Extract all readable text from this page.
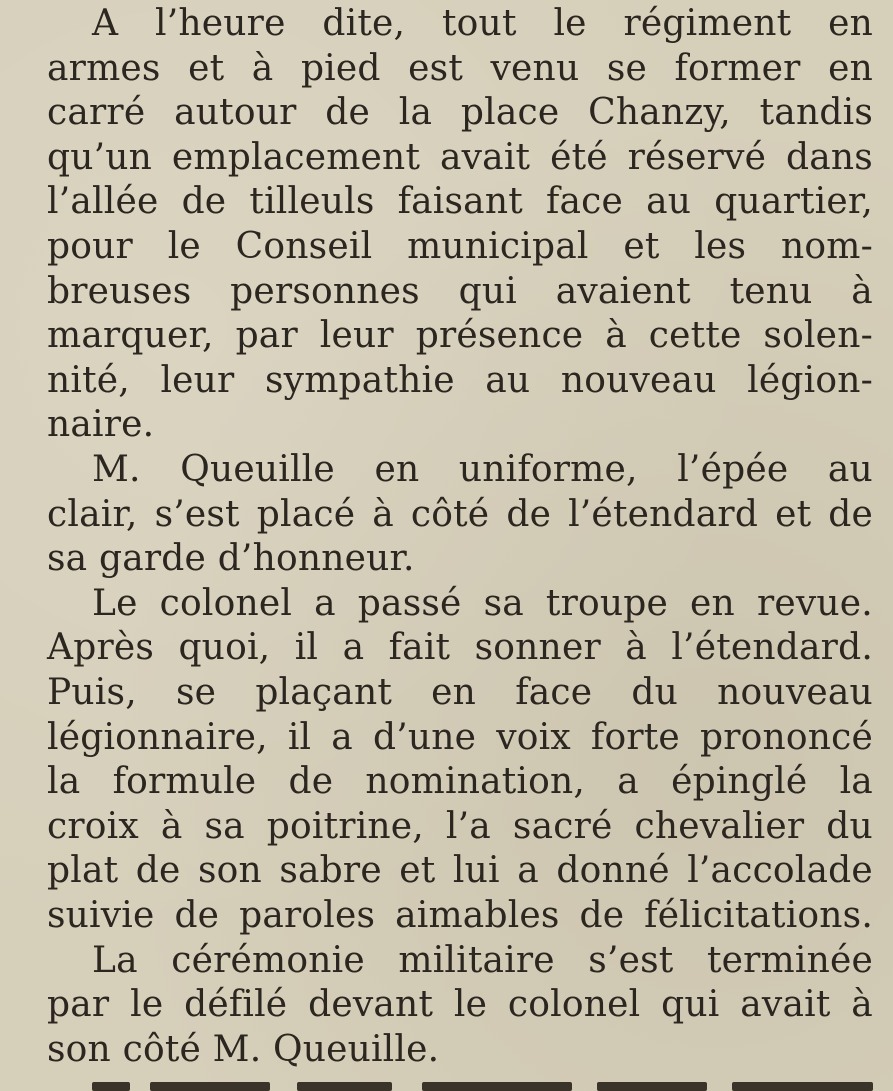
A l’heure dite, tout le régiment en
armes et à pied est venu se former en
carré autour de la place Chanzy, tandis
qu’un emplacement avait été réservé dans
l’allée de tilleuls faisant face au quartier,
pour le Conseil municipal et les nom-
breuses personnes qui avaient tenu à
marquer, par leur présence à cette solen-
nité, leur sympathie au nouveau légion-
naire.
M. Queuille en uniforme, l’épée au
clair, s’est placé à côté de l’étendard et de
sa garde d’honneur.
Le colonel a passé sa troupe en revue.
Après quoi, il a fait sonner à l’étendard.
Puis, se plaçant en face du nouveau
légionnaire, il a d’une voix forte prononcé
la formule de nomination, a épinglé la
croix à sa poitrine, l’a sacré chevalier du
plat de son sabre et lui a donné l’accolade
suivie de paroles aimables de félicitations.
La cérémonie militaire s’est terminée
par le défilé devant le colonel qui avait à
son côté M. Queuille.
